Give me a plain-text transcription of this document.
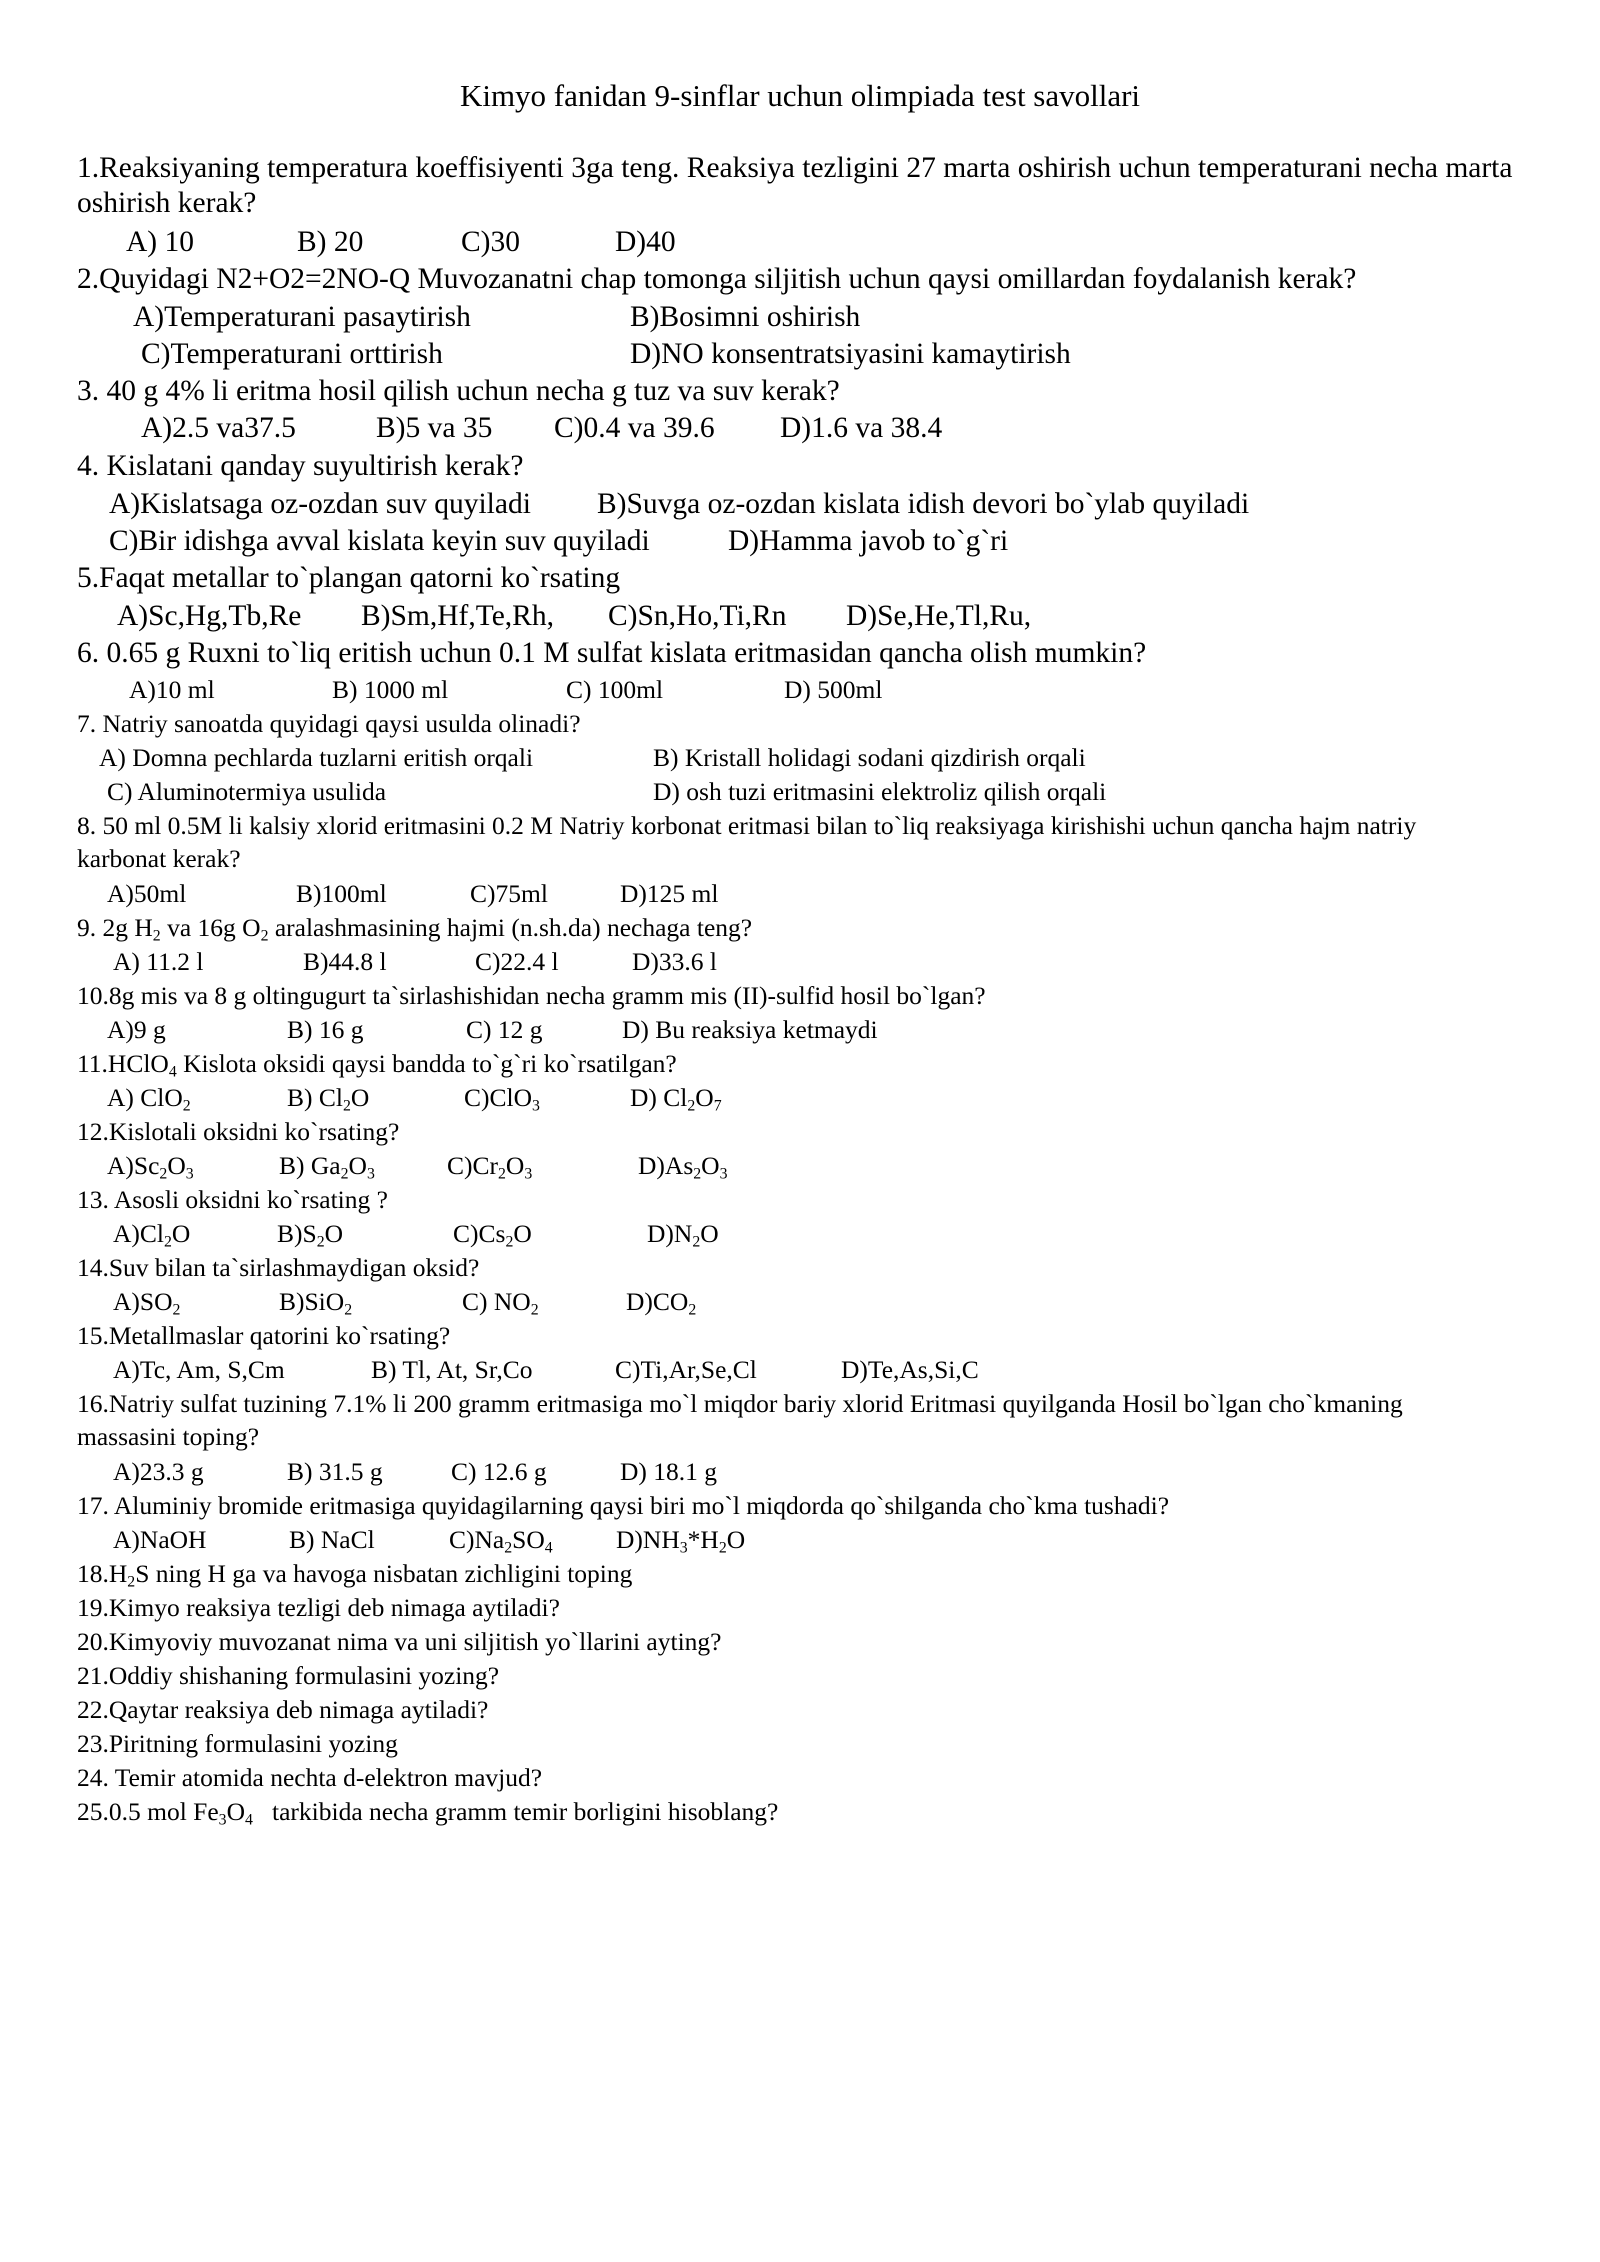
Kimyo fanidan 9-sinflar uchun olimpiada test savollari
1.Reaksiyaning temperatura koeffisiyenti 3ga teng. Reaksiya tezligini 27 marta oshirish uchun temperaturani necha marta oshirish kerak?
A) 10	B) 20	C)30	D)40
2.Quyidagi N2+O2=2NO-Q Muvozanatni chap tomonga siljitish uchun qaysi omillardan foydalanish kerak?
A)Temperaturani pasaytirish	B)Bosimni oshirish
C)Temperaturani orttirish	D)NO konsentratsiyasini kamaytirish
3. 40 g 4% li eritma hosil qilish uchun necha g tuz va suv kerak?
A)2.5 va37.5	B)5 va 35 C)0.4 va 39.6 D)1.6 va 38.4
4. Kislatani qanday suyultirish kerak?
A)Kislatsaga oz-ozdan suv quyiladi B)Suvga oz-ozdan kislata idish devori bo`ylab quyiladi
C)Bir idishga avval kislata keyin suv quyiladi	D)Hamma javob to`g`ri
5.Faqat metallar to`plangan qatorni ko`rsating
A)Sc,Hg,Tb,Re B)Sm,Hf,Te,Rh, C)Sn,Ho,Ti,Rn D)Se,He,Tl,Ru,
6. 0.65 g Ruxni to`liq eritish uchun 0.1 M sulfat kislata eritmasidan qancha olish mumkin?
A)10 ml	B) 1000 ml	C) 100ml	D) 500ml
7. Natriy sanoatda quyidagi qaysi usulda olinadi?
A) Domna pechlarda tuzlarni eritish orqali	B) Kristall holidagi sodani qizdirish orqali
C) Aluminotermiya usulida	D) osh tuzi eritmasini elektroliz qilish orqali
8. 50 ml 0.5M li kalsiy xlorid eritmasini 0.2 M Natriy korbonat eritmasi bilan to`liq reaksiyaga kirishishi uchun qancha hajm natriy karbonat kerak?
A)50ml	B)100ml	C)75ml	D)125 ml
9. 2g $H_2$ va 16g $O_2$ aralashmasining hajmi (n.sh.da) nechaga teng?
A) 11.2 l	B)44.8 l	C)22.4 l	D)33.6 l
10.8g mis va 8 g oltingugurt ta`sirlashishidan necha gramm mis (II)-sulfid hosil bo`lgan?
A)9 g	B) 16 g	C) 12 g	D) Bu reaksiya ketmaydi
11.HClO$_4$ Kislota oksidi qaysi bandda to`g`ri ko`rsatilgan?
A) ClO$_2$	B) $Cl_2O$	C)ClO$_3$	D) $Cl_2O_7$
12.Kislotali oksidni ko`rsating?
$A)Sc_2O_3$	B) $Ga_2O_3$	$C)Cr_2O_3$	$D)As_2O_3$
13. Asosli oksidni ko`rsating ?
$A)Cl_2O$	$B)S_2O$	$C)Cs_2O$	$D)N_2O$
14.Suv bilan ta`sirlashmaydigan oksid?
$A)SO_2$	B)SiO$_2$	C) $NO_2$	$D)CO_2$
15.Metallmaslar qatorini ko`rsating?
A)Tc, Am, S,Cm	B) Tl, At, Sr,Co	C)Ti,Ar,Se,Cl	D)Te,As,Si,C
16.Natriy sulfat tuzining 7.1% li 200 gramm eritmasiga mo`l miqdor bariy xlorid Eritmasi quyilganda Hosil bo`lgan cho`kmaning massasini toping?
A)23.3 g	B) 31.5 g	C) 12.6 g	D) 18.1 g
17. Aluminiy bromide eritmasiga quyidagilarning qaysi biri mo`l miqdorda qo`shilganda cho`kma tushadi?
A)NaOH	B) NaCl	$C)Na_2SO_4$ $D)NH_3*H_2O$
$18.H_2S$ ning H ga va havoga nisbatan zichligini toping
19.Kimyo reaksiya tezligi deb nimaga aytiladi?
20.Kimyoviy muvozanat nima va uni siljitish yo`llarini ayting?
21.Oddiy shishaning formulasini yozing?
22.Qaytar reaksiya deb nimaga aytiladi?
23.Piritning formulasini yozing
24. Temir atomida nechta d-elektron mavjud?
25.0.5 mol $Fe_3O_4$   tarkibida necha gramm temir borligini hisoblang?
